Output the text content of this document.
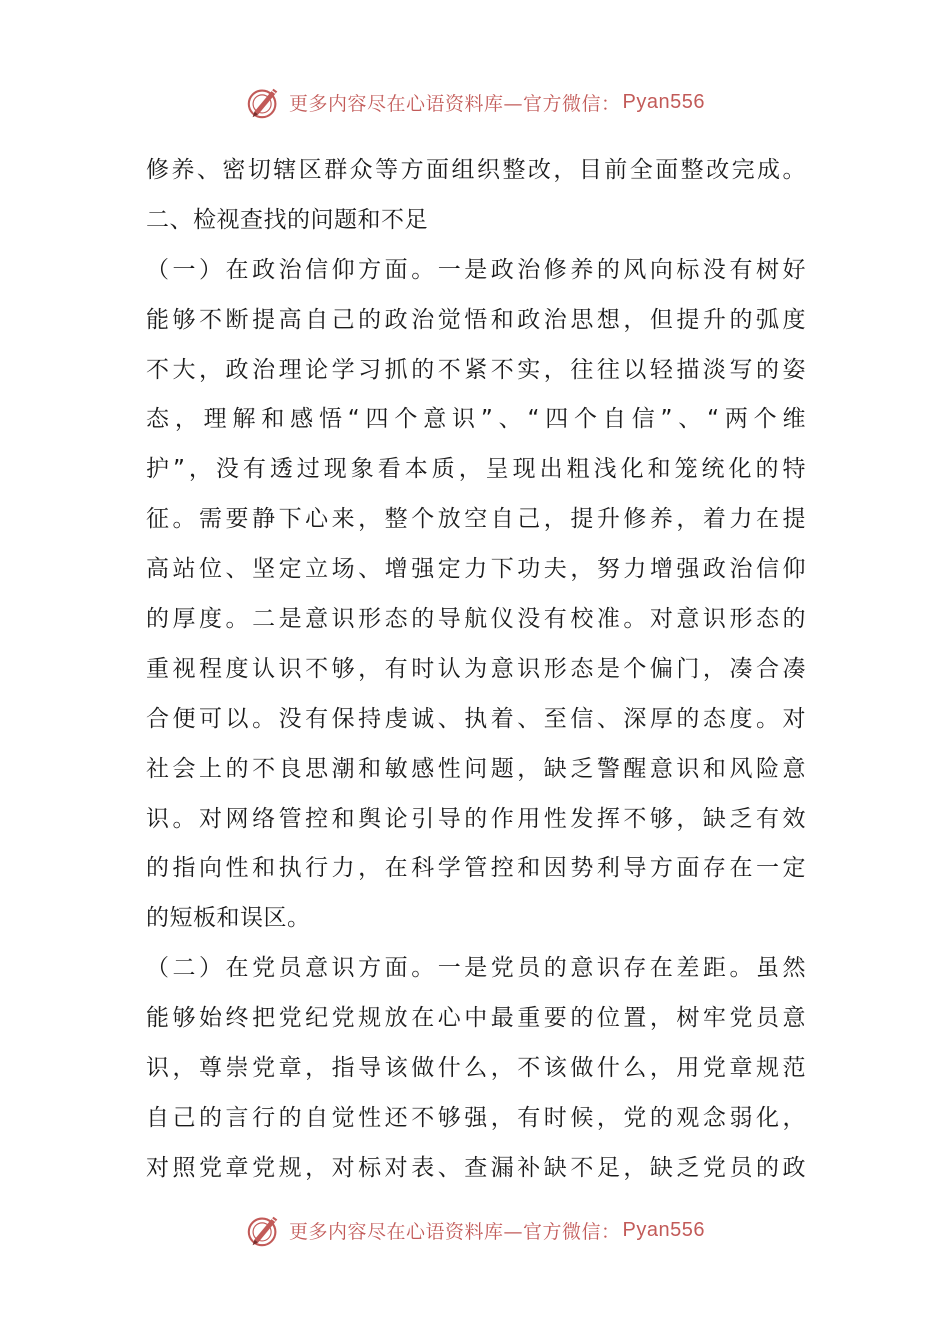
更多内容尽在心语资料库—官方微信： Pyan556
修养、密切辖区群众等方面组织整改，目前全面整改完成。
二、检视查找的问题和不足
（一）在政治信仰方面。一是政治修养的风向标没有树好
能够不断提高自己的政治觉悟和政治思想，但提升的弧度
不大，政治理论学习抓的不紧不实，往往以轻描淡写的姿
态，理解和感悟“四个意识”、“四个自信”、“两个维
护”，没有透过现象看本质，呈现出粗浅化和笼统化的特
征。需要静下心来，整个放空自己，提升修养，着力在提
高站位、坚定立场、增强定力下功夫，努力增强政治信仰
的厚度。二是意识形态的导航仪没有校准。对意识形态的
重视程度认识不够，有时认为意识形态是个偏门，凑合凑
合便可以。没有保持虔诚、执着、至信、深厚的态度。对
社会上的不良思潮和敏感性问题，缺乏警醒意识和风险意
识。对网络管控和舆论引导的作用性发挥不够，缺乏有效
的指向性和执行力，在科学管控和因势利导方面存在一定
的短板和误区。
（二）在党员意识方面。一是党员的意识存在差距。虽然
能够始终把党纪党规放在心中最重要的位置，树牢党员意
识，尊崇党章，指导该做什么，不该做什么，用党章规范
自己的言行的自觉性还不够强，有时候，党的观念弱化，
对照党章党规，对标对表、查漏补缺不足，缺乏党员的政
更多内容尽在心语资料库—官方微信： Pyan556
